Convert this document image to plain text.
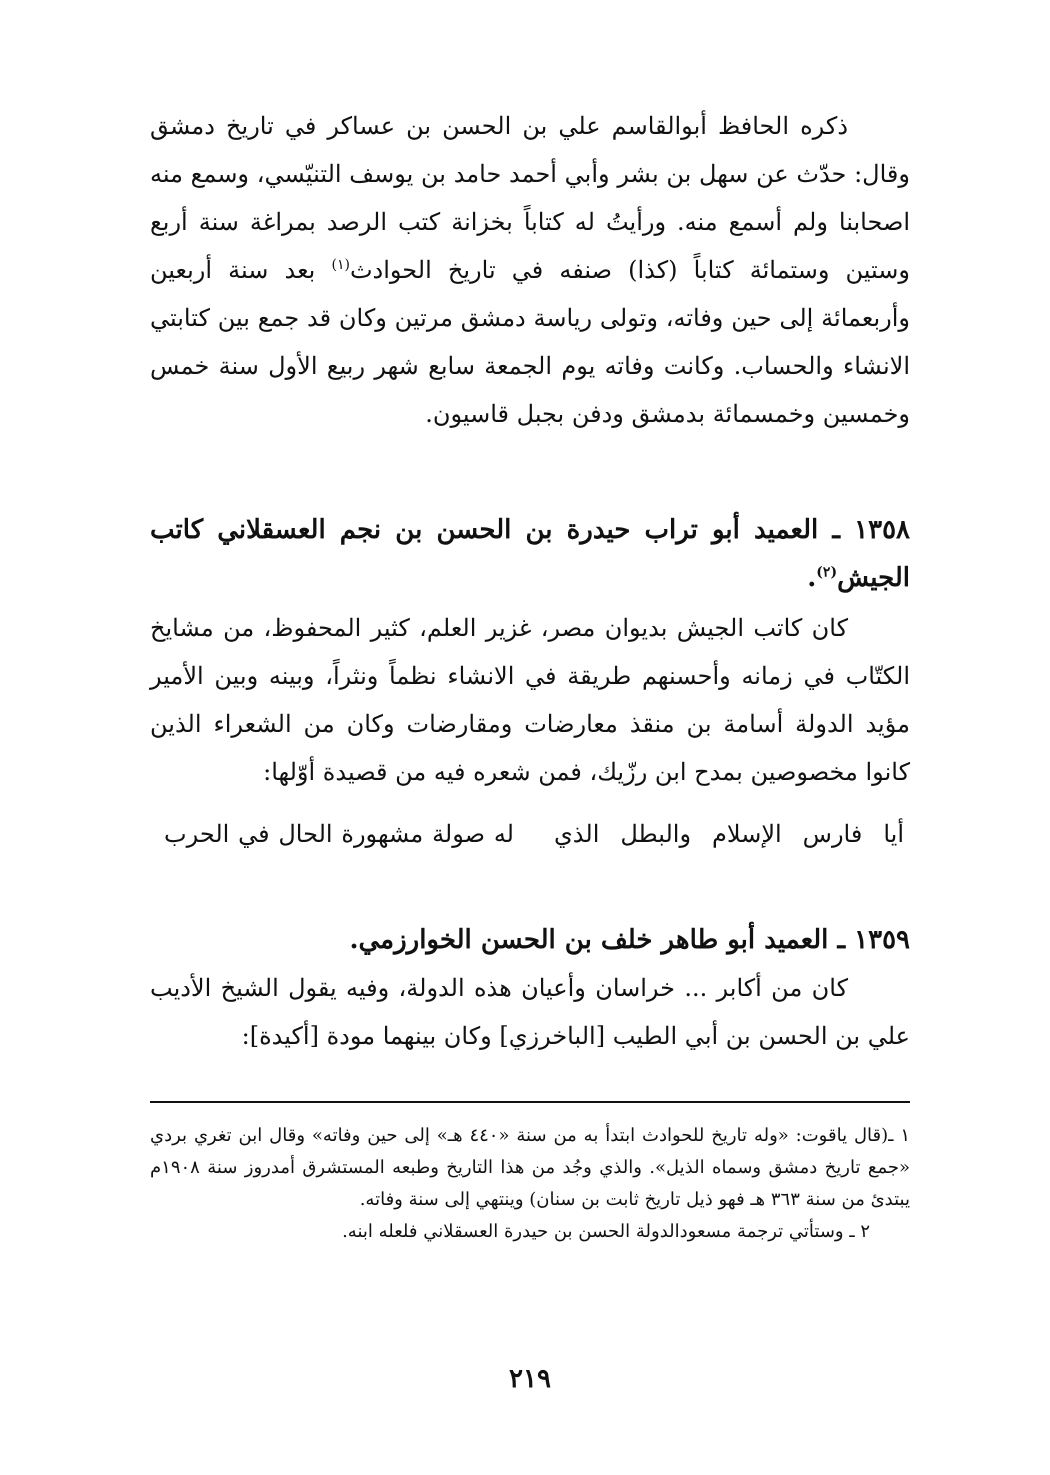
ذكره الحافظ أبوالقاسم علي بن الحسن بن عساكر في تاريخ دمشق وقال: حدّث عن سهل بن بشر وأبي أحمد حامد بن يوسف التنيّسي، وسمع منه اصحابنا ولم أسمع منه. ورأيتُ له كتاباً بخزانة كتب الرصد بمراغة سنة أربع وستين وستمائة كتاباً (كذا) صنفه في تاريخ الحوادث$^{(١)}$ بعد سنة أربعين وأربعمائة إلى حين وفاته، وتولى رياسة دمشق مرتين وكان قد جمع بين كتابتي الانشاء والحساب. وكانت وفاته يوم الجمعة سابع شهر ربيع الأول سنة خمس وخمسين وخمسمائة بدمشق ودفن بجبل قاسيون.

١٣٥٨ ـ العميد أبو تراب حيدرة بن الحسن بن نجم العسقلاني كاتب الجيش$^{(٢)}$.

كان كاتب الجيش بديوان مصر، غزير العلم، كثير المحفوظ، من مشايخ الكتّاب في زمانه وأحسنهم طريقة في الانشاء نظماً ونثراً، وبينه وبين الأمير مؤيد الدولة أسامة بن منقذ معارضات ومقارضات وكان من الشعراء الذين كانوا مخصوصين بمدح ابن رزّيك، فمن شعره فيه من قصيدة أوّلها:

أيا فارس الإسلام والبطل الذي
له صولة مشهورة الحال في الحرب
١٣٥٩ ـ العميد أبو طاهر خلف بن الحسن الخوارزمي.

كان من أكابر ... خراسان وأعيان هذه الدولة، وفيه يقول الشيخ الأديب علي بن الحسن بن أبي الطيب [الباخرزي] وكان بينهما مودة [أكيدة]:

١ ـ(قال ياقوت: «وله تاريخ للحوادث ابتدأ به من سنة «٤٤٠ هـ» إلى حين وفاته» وقال ابن تغري بردي «جمع تاريخ دمشق وسماه الذيل». والذي وجُد من هذا التاريخ وطبعه المستشرق أمدروز سنة ١٩٠٨م يبتدئ من سنة ٣٦٣ هـ فهو ذيل تاريخ ثابت بن سنان) وينتهي إلى سنة وفاته.

٢ ـ وستأتي ترجمة مسعودالدولة الحسن بن حيدرة العسقلاني فلعله ابنه.

٢١٩
